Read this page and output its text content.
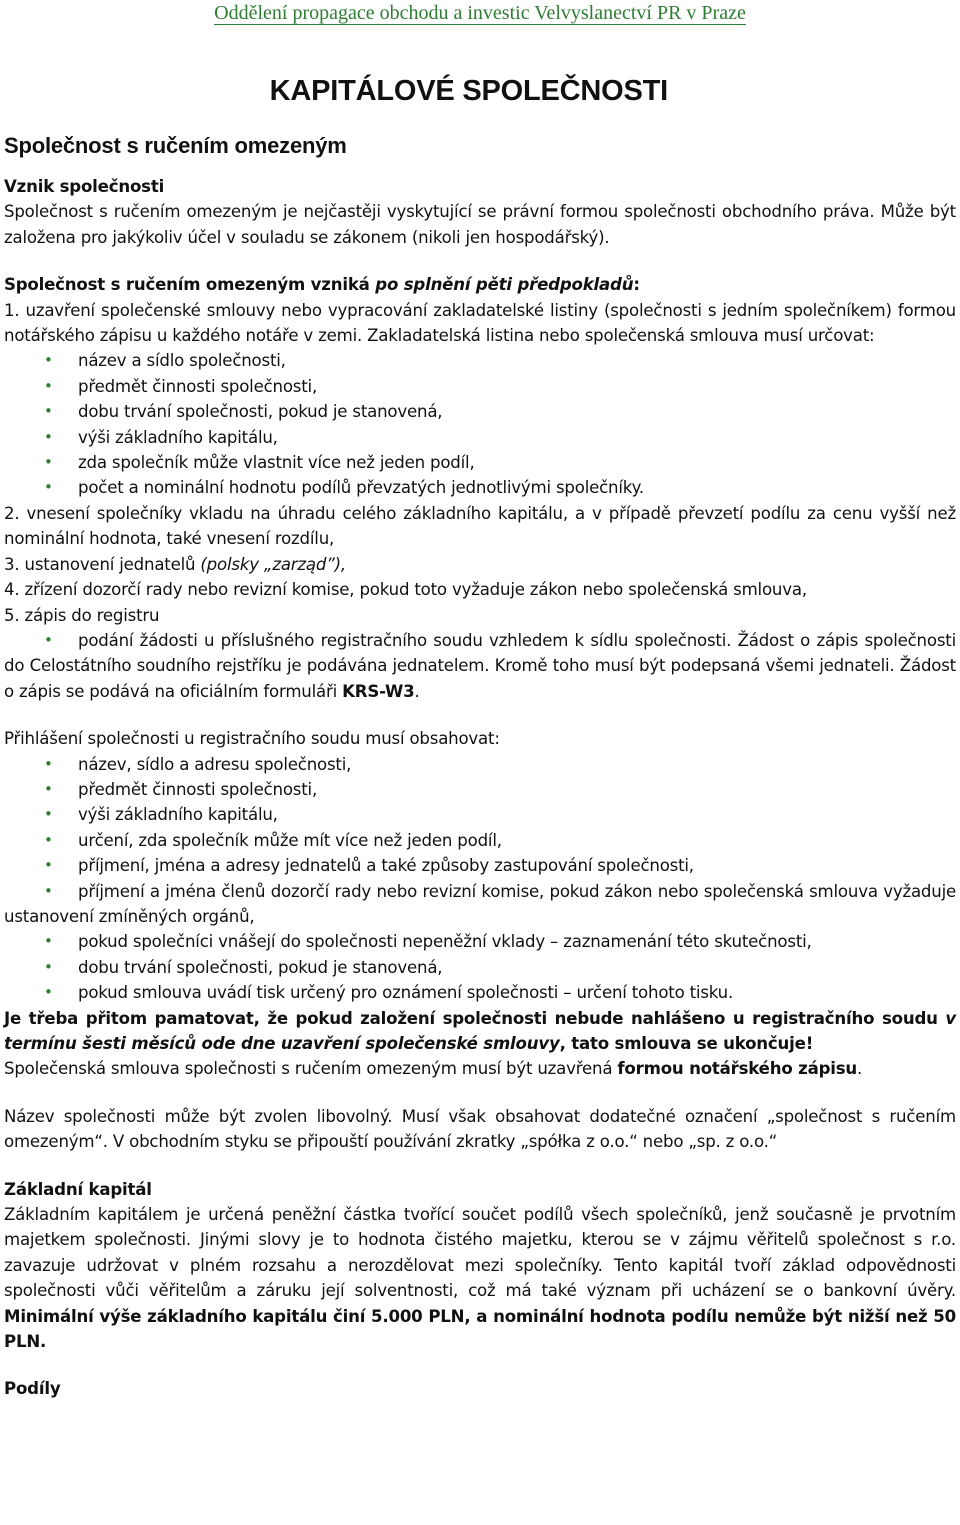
Oddělení propagace obchodu a investic Velvyslanectví PR v Praze
KAPITÁLOVÉ SPOLEČNOSTI
Společnost s ručením omezeným

Vznik společnosti

Společnost s ručením omezeným je nejčastěji vyskytující se právní formou společnosti obchodního práva. Může být založena pro jakýkoliv účel v souladu se zákonem (nikoli jen hospodářský).

Společnost s ručením omezeným vzniká po splnění pěti předpokladů:

1. uzavření společenské smlouvy nebo vypracování zakladatelské listiny (společnosti s jedním společníkem) formou notářského zápisu u každého notáře v zemi. Zakladatelská listina nebo společenská smlouva musí určovat:

• název a sídlo společnosti,
• předmět činnosti společnosti,
• dobu trvání společnosti, pokud je stanovená,
• výši základního kapitálu,
• zda společník může vlastnit více než jeden podíl,
• počet a nominální hodnotu podílů převzatých jednotlivými společníky.

2. vnesení společníky vkladu na úhradu celého základního kapitálu, a v případě převzetí podílu za cenu vyšší než nominální hodnota, také vnesení rozdílu,

3. ustanovení jednatelů (polsky „zarząd”),

4. zřízení dozorčí rady nebo revizní komise, pokud toto vyžaduje zákon nebo společenská smlouva,

5. zápis do registru

• podání žádosti u příslušného registračního soudu vzhledem k sídlu společnosti. Žádost o zápis společnosti do Celostátního soudního rejstříku je podávána jednatelem. Kromě toho musí být podepsaná všemi jednateli. Žádost o zápis se podává na oficiálním formuláři KRS-W3.

Přihlášení společnosti u registračního soudu musí obsahovat:

• název, sídlo a adresu společnosti,
• předmět činnosti společnosti,
• výši základního kapitálu,
• určení, zda společník může mít více než jeden podíl,
• příjmení, jména a adresy jednatelů a také způsoby zastupování společnosti,

• příjmení a jména členů dozorčí rady nebo revizní komise, pokud zákon nebo společenská smlouva vyžaduje ustanovení zmíněných orgánů,

• pokud společníci vnášejí do společnosti nepeněžní vklady – zaznamenání této skutečnosti,
• dobu trvání společnosti, pokud je stanovená,
• pokud smlouva uvádí tisk určený pro oznámení společnosti – určení tohoto tisku.

Je třeba přitom pamatovat, že pokud založení společnosti nebude nahlášeno u registračního soudu v termínu šesti měsíců ode dne uzavření společenské smlouvy, tato smlouva se ukončuje!

Společenská smlouva společnosti s ručením omezeným musí být uzavřená formou notářského zápisu.

Název společnosti může být zvolen libovolný. Musí však obsahovat dodatečné označení „společnost s ručením omezeným“. V obchodním styku se připouští používání zkratky „spółka z o.o.“ nebo „sp. z o.o.“

Základní kapitál

Základním kapitálem je určená peněžní částka tvořící součet podílů všech společníků, jenž současně je prvotním majetkem společnosti. Jinými slovy je to hodnota čistého majetku, kterou se v zájmu věřitelů společnost s r.o. zavazuje udržovat v plném rozsahu a nerozdělovat mezi společníky. Tento kapitál tvoří základ odpovědnosti společnosti vůči věřitelům a záruku její solventnosti, což má také význam při ucházení se o bankovní úvěry. Minimální výše základního kapitálu činí 5.000 PLN, a nominální hodnota podílu nemůže být nižší než 50 PLN.

Podíly
